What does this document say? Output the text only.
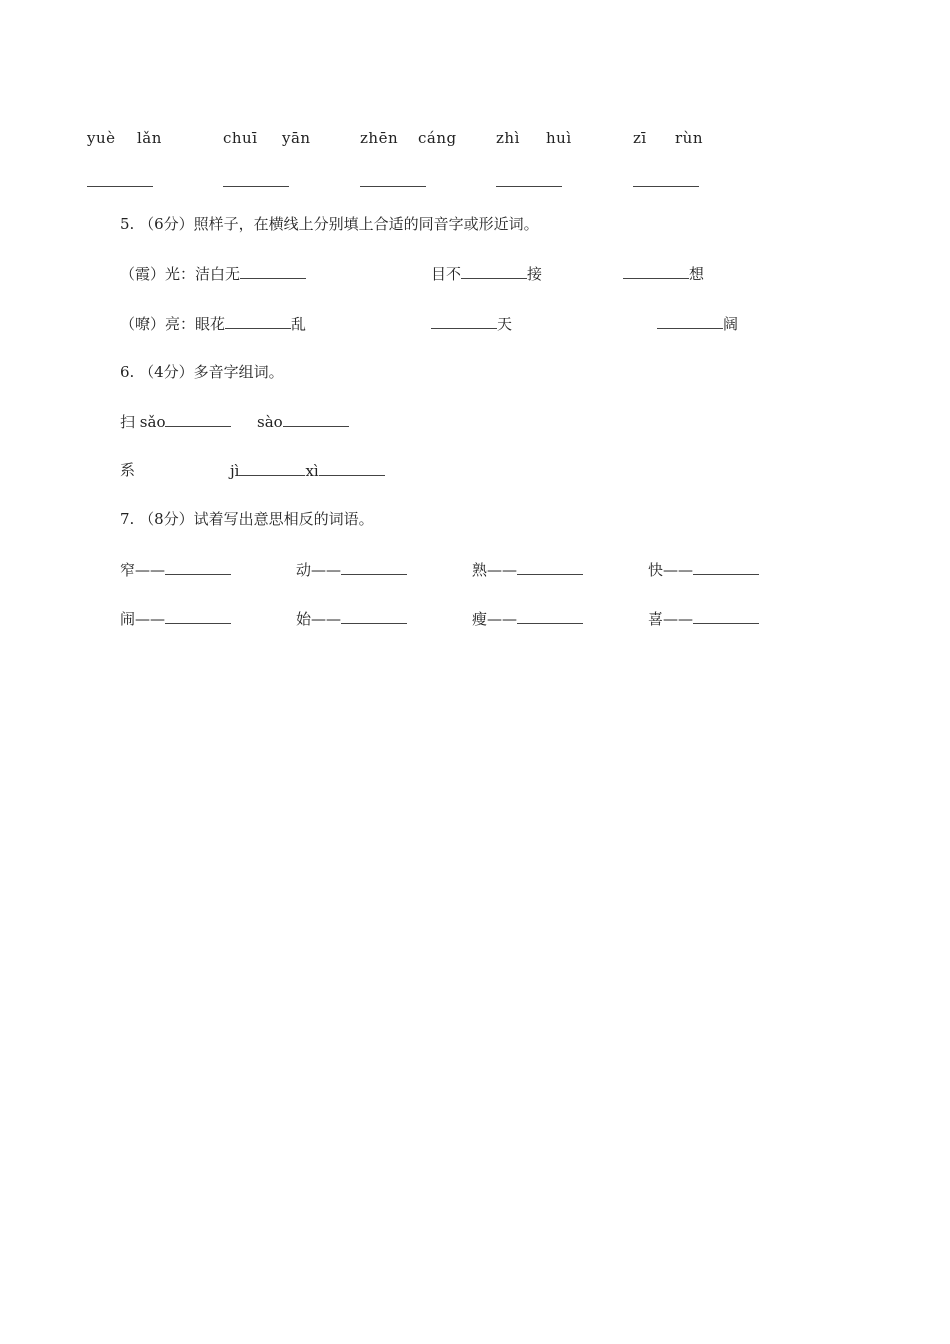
yuè lǎn	chuī yān	zhēn cáng	zhì huì	zī rùn
5. （6分）照样子，在横线上分别填上合适的同音字或形近词。
（霞）光：洁白无	目不	接	想
（嘹）亮：眼花	乱	天	阔
6. （4分）多音字组词。
扫 sǎo	sào
系	jì	xì
7. （8分）试着写出意思相反的词语。
窄——	动——	熟——	快——
闹——	始——	瘦——	喜——
